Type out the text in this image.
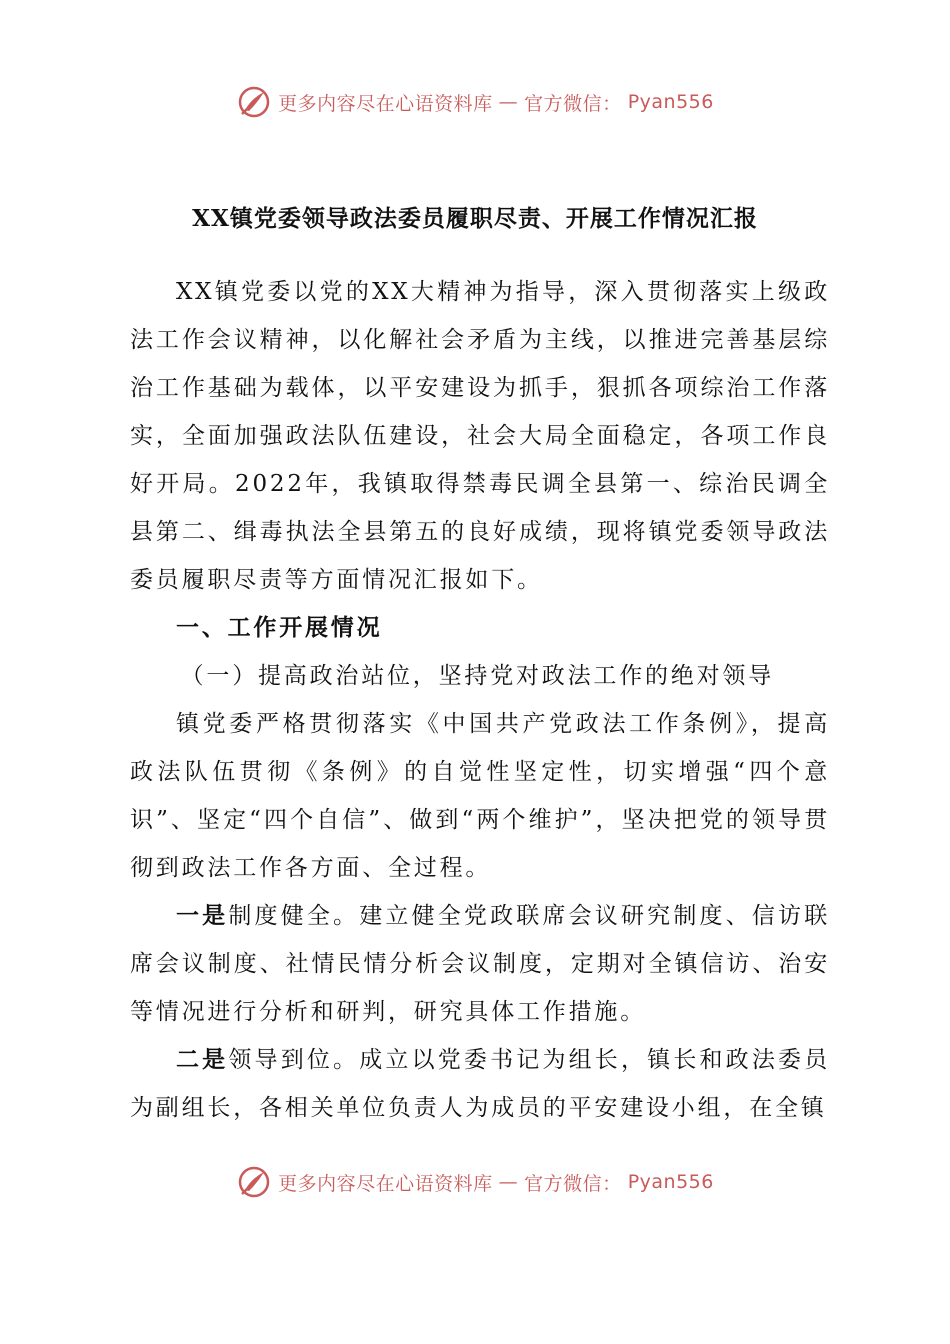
更多内容尽在心语资料库 — 官方微信： Pyan556
XX镇党委领导政法委员履职尽责、开展工作情况汇报

XX镇党委以党的XX大精神为指导，深入贯彻落实上级政法工作会议精神，以化解社会矛盾为主线，以推进完善基层综治工作基础为载体，以平安建设为抓手，狠抓各项综治工作落实，全面加强政法队伍建设，社会大局全面稳定，各项工作良好开局。2022年，我镇取得禁毒民调全县第一、综治民调全县第二、缉毒执法全县第五的良好成绩，现将镇党委领导政法委员履职尽责等方面情况汇报如下。

一、工作开展情况

（一）提高政治站位，坚持党对政法工作的绝对领导

镇党委严格贯彻落实《中国共产党政法工作条例》，提高政法队伍贯彻《条例》的自觉性坚定性，切实增强“四个意识”、坚定“四个自信”、做到“两个维护”，坚决把党的领导贯彻到政法工作各方面、全过程。

一是制度健全。建立健全党政联席会议研究制度、信访联席会议制度、社情民情分析会议制度，定期对全镇信访、治安等情况进行分析和研判，研究具体工作措施。

二是领导到位。成立以党委书记为组长，镇长和政法委员为副组长，各相关单位负责人为成员的平安建设小组，在全镇

更多内容尽在心语资料库 — 官方微信： Pyan556
